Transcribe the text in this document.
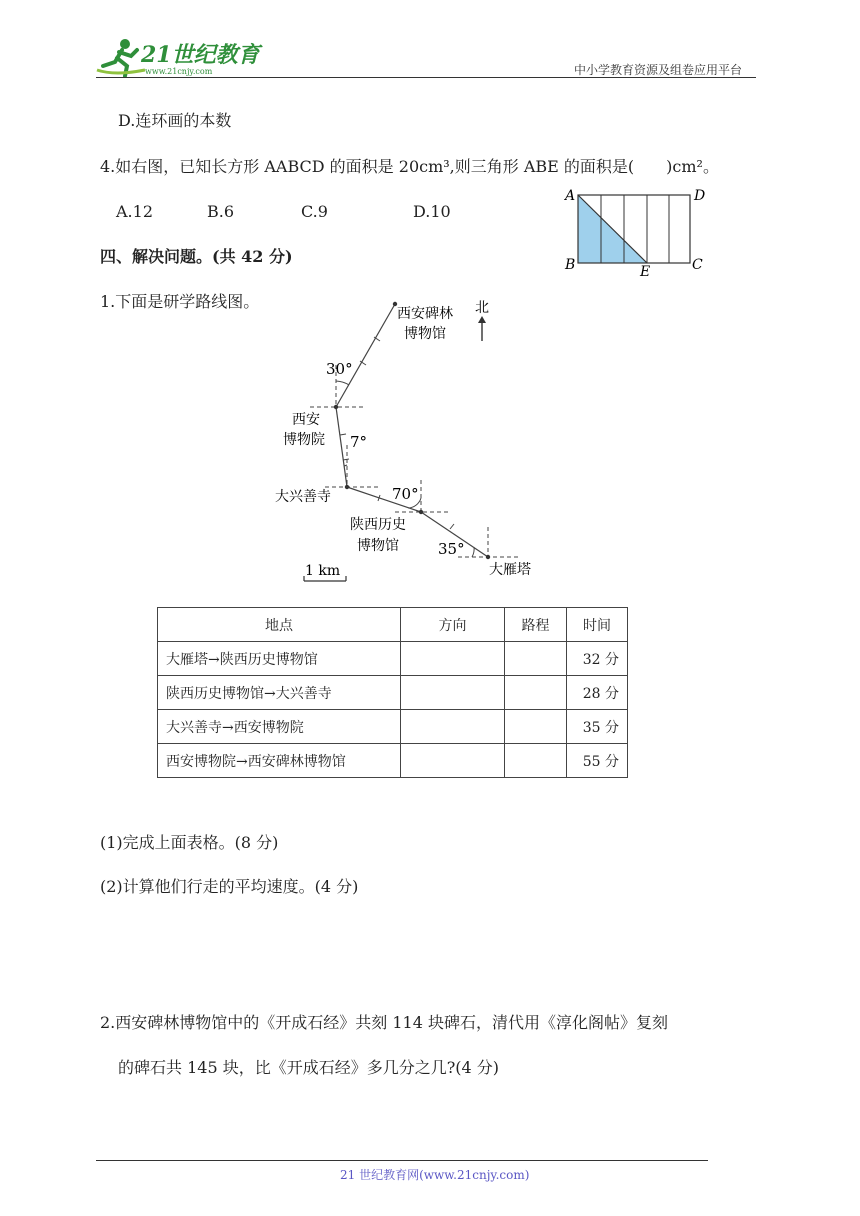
21世纪教育
www.21cnjy.com	中小学教育资源及组卷应用平台
D.连环画的本数
4.如右图，已知长方形 AABCD 的面积是 20cm³,则三角形 ABE 的面积是(　　)cm²。
A.12	B.6	C.9	D.10
A	D
B	C
E
四、解决问题。(共 42 分)
1.下面是研学路线图。	北
西安碑林
博物馆
西安
博物院
大兴善寺
陕西历史
博物馆
大雁塔
30°
7°
70°
35°
1 km
地点	方向	路程	时间
大雁塔→陕西历史博物馆			32 分
陕西历史博物馆→大兴善寺			28 分
大兴善寺→西安博物院			35 分
西安博物院→西安碑林博物馆			55 分
(1)完成上面表格。(8 分)
(2)计算他们行走的平均速度。(4 分)
2.西安碑林博物馆中的《开成石经》共刻 114 块碑石，清代用《淳化阁帖》复刻
的碑石共 145 块，比《开成石经》多几分之几?(4 分)
21 世纪教育网(www.21cnjy.com)
